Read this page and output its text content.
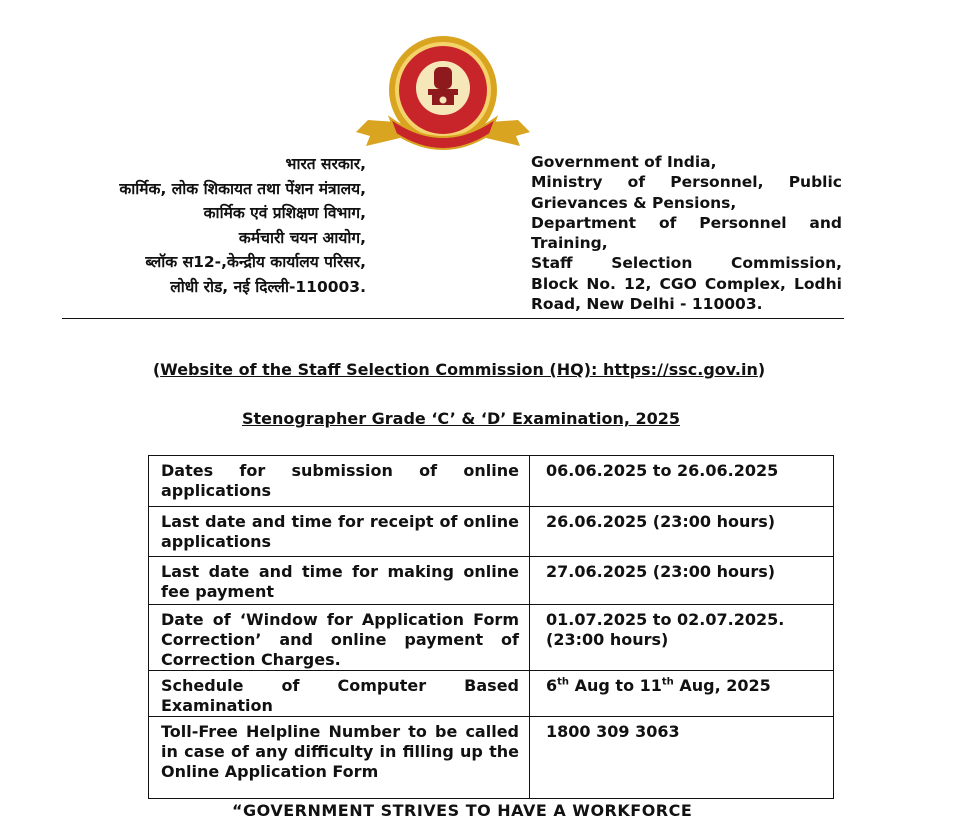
भारत सरकार,
कार्मिक, लोक शिकायत तथा पेंशन मंत्रालय,
कार्मिक एवं प्रशिक्षण विभाग,
कर्मचारी चयन आयोग,
ब्लॉक स12-,केन्द्रीय कार्यालय परिसर,
लोधी रोड, नई दिल्ली-110003.
Government of India,
Ministry of Personnel, Public
Grievances & Pensions,
Department of Personnel and
Training,
Staff Selection Commission,
Block No. 12, CGO Complex, Lodhi
Road, New Delhi - 110003.
(Website of the Staff Selection Commission (HQ): https://ssc.gov.in)
Stenographer Grade ‘C’ & ‘D’ Examination, 2025
Dates for submission of online applications	06.06.2025 to 26.06.2025
Last date and time for receipt of online applications	26.06.2025 (23:00 hours)
Last date and time for making online fee payment	27.06.2025 (23:00 hours)
Date of ‘Window for Application Form Correction’ and online payment of Correction Charges.	01.07.2025 to 02.07.2025.
(23:00 hours)

Schedule of Computer Based Examination	6th Aug to 11th Aug, 2025
Toll-Free Helpline Number to be called in case of any difficulty in filling up the Online Application Form	1800 309 3063
“GOVERNMENT STRIVES TO HAVE A WORKFORCE
